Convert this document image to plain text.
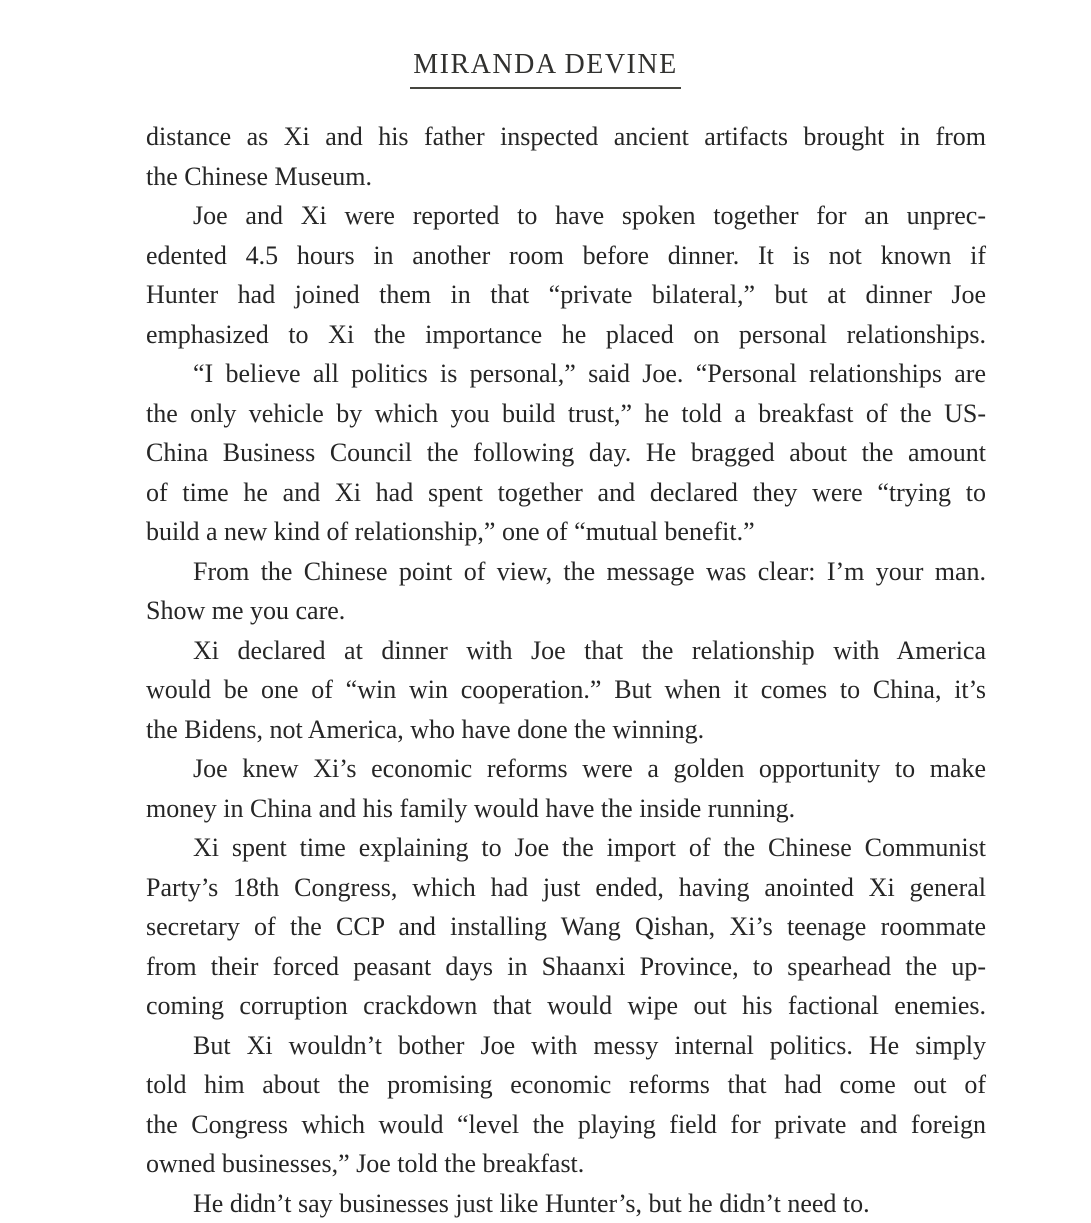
MIRANDA DEVINE
distance as Xi and his father inspected ancient artifacts brought in from
the Chinese Museum.
Joe and Xi were reported to have spoken together for an unprec-
edented 4.5 hours in another room before dinner. It is not known if
Hunter had joined them in that “private bilateral,” but at dinner Joe
emphasized to Xi the importance he placed on personal relationships.
“I believe all politics is personal,” said Joe. “Personal relationships are
the only vehicle by which you build trust,” he told a breakfast of the US-
China Business Council the following day. He bragged about the amount
of time he and Xi had spent together and declared they were “trying to
build a new kind of relationship,” one of “mutual benefit.”
From the Chinese point of view, the message was clear: I’m your man.
Show me you care.
Xi declared at dinner with Joe that the relationship with America
would be one of “win win cooperation.” But when it comes to China, it’s
the Bidens, not America, who have done the winning.
Joe knew Xi’s economic reforms were a golden opportunity to make
money in China and his family would have the inside running.
Xi spent time explaining to Joe the import of the Chinese Communist
Party’s 18th Congress, which had just ended, having anointed Xi general
secretary of the CCP and installing Wang Qishan, Xi’s teenage roommate
from their forced peasant days in Shaanxi Province, to spearhead the up-
coming corruption crackdown that would wipe out his factional enemies.
But Xi wouldn’t bother Joe with messy internal politics. He simply
told him about the promising economic reforms that had come out of
the Congress which would “level the playing field for private and foreign
owned businesses,” Joe told the breakfast.
He didn’t say businesses just like Hunter’s, but he didn’t need to.
